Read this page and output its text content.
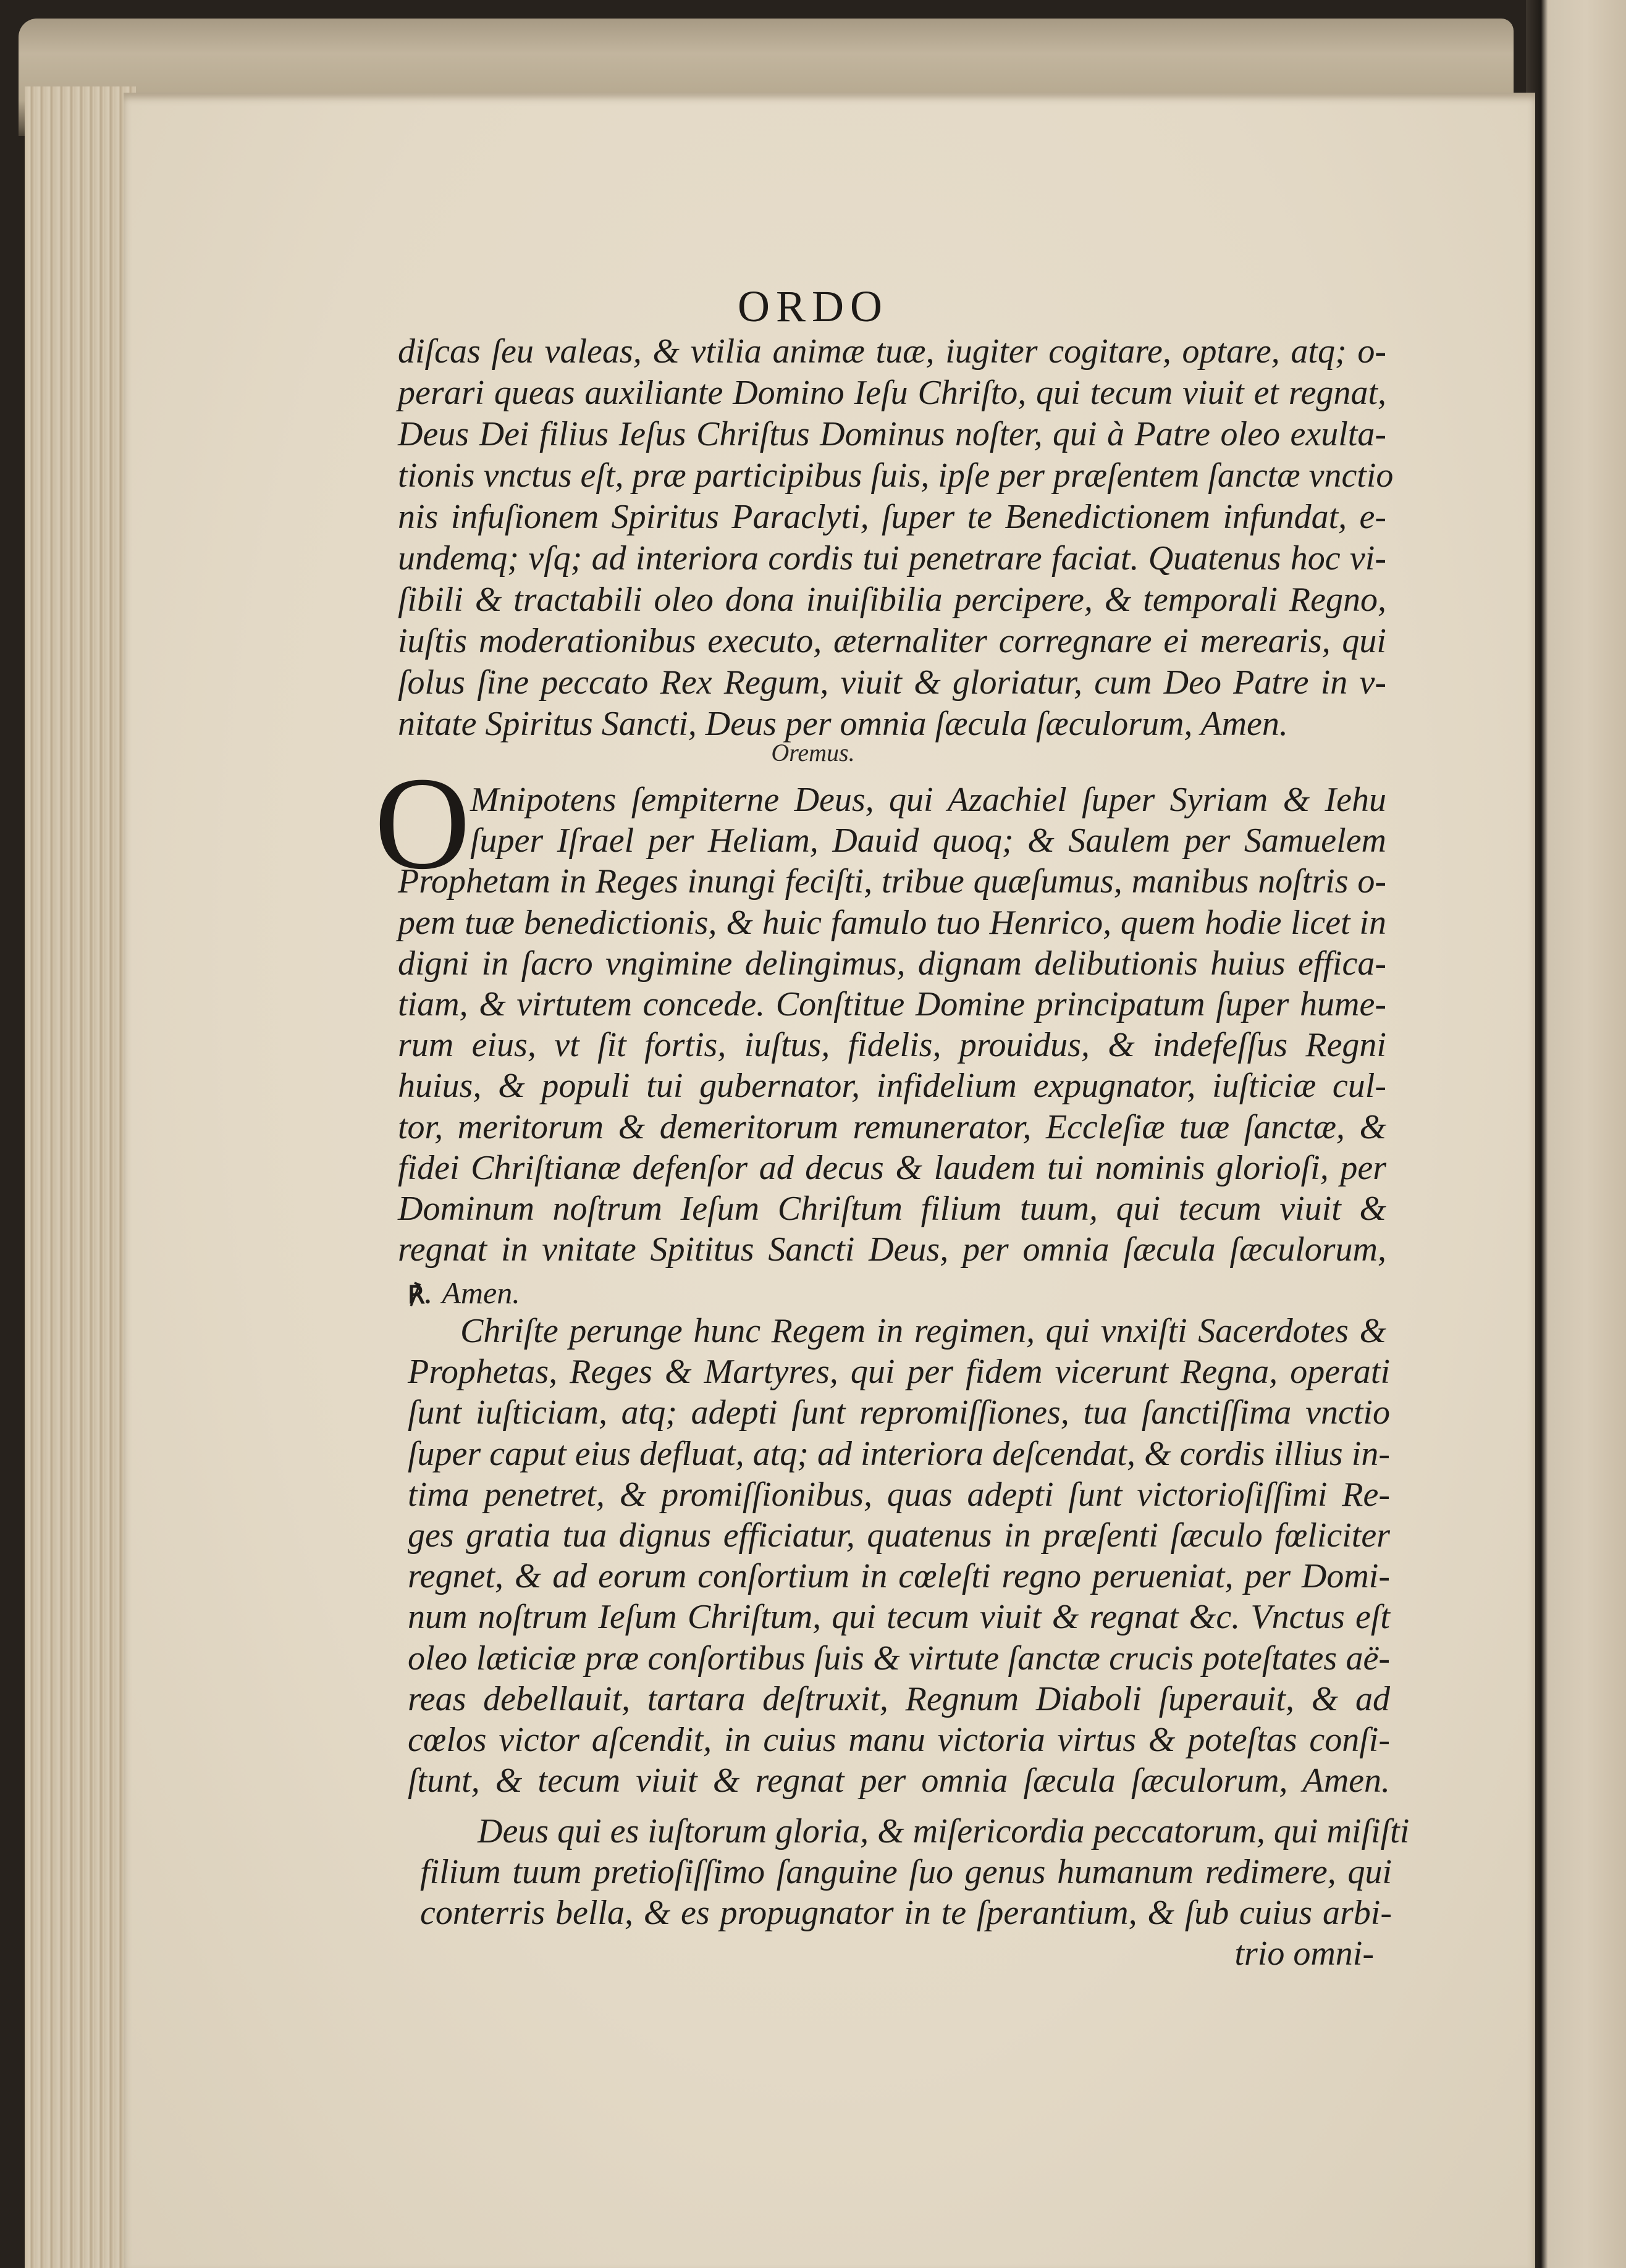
ORDO
diſcas ſeu valeas, & vtilia animæ tuæ, iugiter cogitare, optare, atq; o-
perari queas auxiliante Domino Ieſu Chriſto, qui tecum viuit et regnat,
Deus Dei filius Ieſus Chriſtus Dominus noſter, qui à Patre oleo exulta-
tionis vnctus eſt, præ participibus ſuis, ipſe per præſentem ſanctæ vnctio
nis infuſionem Spiritus Paraclyti, ſuper te Benedictionem infundat, e-
undemq; vſq; ad interiora cordis tui penetrare faciat. Quatenus hoc vi-
ſibili & tractabili oleo dona inuiſibilia percipere, & temporali Regno,
iuſtis moderationibus executo, æternaliter corregnare ei merearis, qui
ſolus ſine peccato Rex Regum, viuit & gloriatur, cum Deo Patre in v-
nitate Spiritus Sancti, Deus per omnia ſæcula ſæculorum, Amen.
Mnipotens ſempiterne Deus, qui Azachiel ſuper Syriam & Iehu
ſuper Iſrael per Heliam, Dauid quoq; & Saulem per Samuelem
Prophetam in Reges inungi feciſti, tribue quæſumus, manibus noſtris o-
pem tuæ benedictionis, & huic famulo tuo Henrico, quem hodie licet in
digni in ſacro vngimine delingimus, dignam delibutionis huius effica-
tiam, & virtutem concede. Conſtitue Domine principatum ſuper hume-
rum eius, vt ſit fortis, iuſtus, fidelis, prouidus, & indefeſſus Regni
huius, & populi tui gubernator, infidelium expugnator, iuſticiæ cul-
tor, meritorum & demeritorum remunerator, Eccleſiæ tuæ ſanctæ, &
fidei Chriſtianæ defenſor ad decus & laudem tui nominis glorioſi, per
Dominum noſtrum Ieſum Chriſtum filium tuum, qui tecum viuit &
regnat in vnitate Spititus Sancti Deus, per omnia ſæcula ſæculorum,
Chriſte perunge hunc Regem in regimen, qui vnxiſti Sacerdotes &
Prophetas, Reges & Martyres, qui per fidem vicerunt Regna, operati
ſunt iuſticiam, atq; adepti ſunt repromiſſiones, tua ſanctiſſima vnctio
ſuper caput eius defluat, atq; ad interiora deſcendat, & cordis illius in-
tima penetret, & promiſſionibus, quas adepti ſunt victorioſiſſimi Re-
ges gratia tua dignus efficiatur, quatenus in præſenti ſæculo fœliciter
regnet, & ad eorum conſortium in cœleſti regno perueniat, per Domi-
num noſtrum Ieſum Chriſtum, qui tecum viuit & regnat &c. Vnctus eſt
oleo læticiæ præ conſortibus ſuis & virtute ſanctæ crucis poteſtates aë-
reas debellauit, tartara deſtruxit, Regnum Diaboli ſuperauit, & ad
cœlos victor aſcendit, in cuius manu victoria virtus & poteſtas conſi-
ſtunt, & tecum viuit & regnat per omnia ſæcula ſæculorum, Amen.
Deus qui es iuſtorum gloria, & miſericordia peccatorum, qui miſiſti
filium tuum pretioſiſſimo ſanguine ſuo genus humanum redimere, qui
conterris bella, & es propugnator in te ſperantium, & ſub cuius arbi-
trio omni-
Oremus.
O
℟. Amen.
